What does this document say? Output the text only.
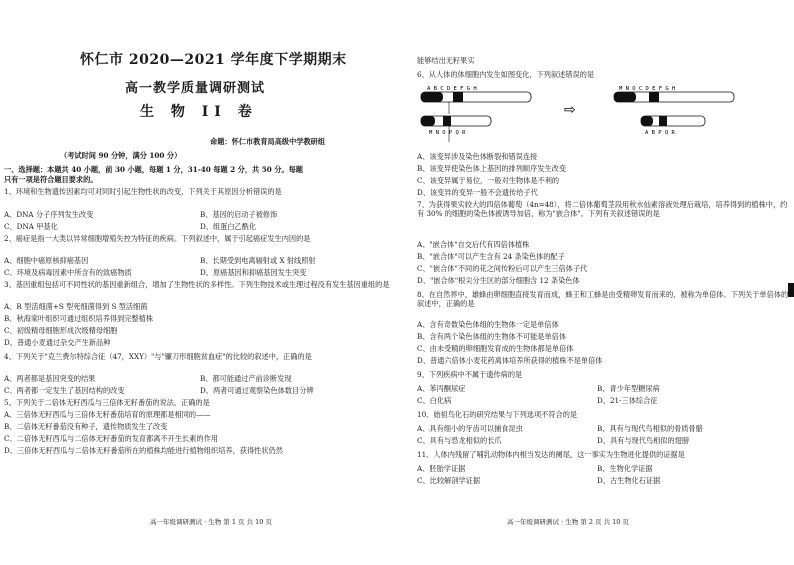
怀仁市 2020—2021 学年度下学期期末
高一教学质量调研测试
生 物 II 卷
命题：怀仁市教育局高级中学教研组
（考试时间 90 分钟，满分 100 分）
一、选择题：本题共 40 小题，前 30 小题，每题 1 分，31-40 每题 2 分，共 50 分。每题
只有一项是符合题目要求的。
1、环境和生物遗传因素均可对同时引起生物性状的改变，下列关于其原因分析错误的是
A、DNA 分子序列发生改变	B、基因的启动子被修饰
C、DNA 甲基化	D、组蛋白乙酰化
2、癌症是指一大类以异常细胞增殖失控为特征的疾病。下列叙述中，属于引起癌症发生内因的是
A、细胞中癌原核抑癌基因	B、长期受到电离辐射或 X 射线照射
C、环境及病毒因素中所含有的致癌物质	D、原癌基因和抑癌基因发生突变
3、基因重组包括可不同性状的基因重新组合，增加了生物性状的多样性。下列生物技术或生理过程没有发生基因重组的是
A、R 型活细菌+S 型死细菌得到 S 型活细菌
B、秋海棠叶组织可通过组织培养得到完整植株
C、初级精母细胞形成次级精母细胞
D、普通小麦通过杂交产生新品种
4、下列关于"克兰费尔特综合征（47，XXY）"与"镰刀形细胞贫血症"的比较的叙述中，正确的是
A、两者都是基因突变的结果	B、都可能通过产前诊断发现
C、两者都一定发生了基因结构的改变	D、两者可通过观察染色体数目分辨
5、下列关于二倍体无籽西瓜与三倍体无籽番茄的说法，正确的是
A、三倍体无籽西瓜与三倍体无籽番茄培育的原理都是相同的——
B、二倍体无籽番茄没有种子，遗传物质发生了改变
C、二倍体无籽西瓜与二倍体无籽番茄的发育都离不开生长素的作用
D、三倍体无籽西瓜与二倍体无籽番茄所在的植株均能进行植物组织培养，获得性状仍然
高一年级调研测试 · 生物 第 1 页 共 10 页
能够结出无籽果实
6、从人体的体细胞内发生如图变化，下列叙述错误的是
A B C D E F G H
M N O P Q R
⇨
M N O C D E F G H
A B P Q R
A、该变异涉及染色体断裂和错误连接
B、该变异使染色体上基因的排列顺序发生改变
C、该变异属于易位，一般对生物体是不利的
D、该变异的变异一般不会遗传给子代
7、为获得果实较大的四倍体葡萄（4n=48），将二倍体葡萄茎段用秋水仙素溶液处理后栽培，培养得到的植株中，约有 30% 的细胞的染色体被诱导加倍，称为"嵌合体"。下列有关叙述错误的是
A、"嵌合体"自交后代有四倍体植株
B、"嵌合体"可以产生含有 24 条染色体的配子
C、"嵌合体"不同的花之间传粉后可以产生三倍体子代
D、"嵌合体"根尖分生区的部分细胞含 12 条染色体
8、在自然界中，雄蜂由卵细胞直接发育而成，蜂王和工蜂是由受精卵发育而来的，被称为单倍体。下列关于单倍体的叙述中，正确的是
A、含有奇数染色体组的生物体一定是单倍体
B、含有两个染色体组的生物体不可能是单倍体
C、由未受精的卵细胞发育成的生物体都是单倍体
D、普通六倍体小麦花药离体培养所获得的植株不是单倍体
9、下列疾病中不属于遗传病的是
A、苯丙酮尿症	B、青少年型糖尿病
C、白化病	D、21-三体综合征
10、始祖鸟化石的研究结果与下列选项不符合的是
A、具有细小的牙齿可以捕食昆虫	B、具有与现代鸟相似的骨质骨骼
C、具有与恐龙相似的长爪	D、具有与现代鸟相似的翅膀
11、人体内残留了哺乳动物体内相当发达的阑尾，这一事实为生物进化提供的证据是
A、胚胎学证据	B、生物化学证据
C、比较解剖学证据	D、古生物化石证据
高一年级调研测试 · 生物 第 2 页 共 10 页
